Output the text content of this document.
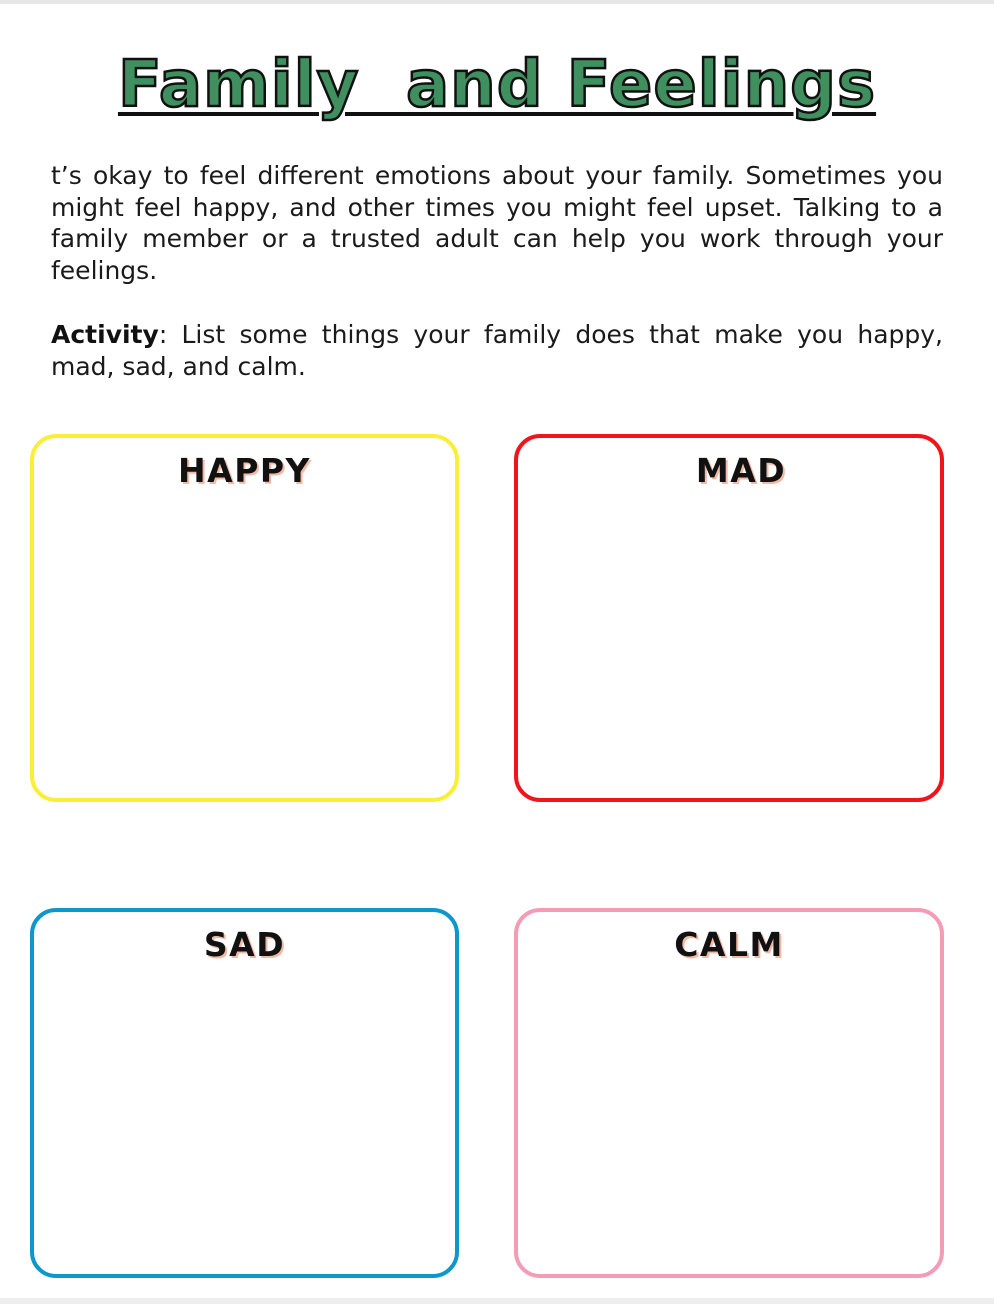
Family  and Feelings

t’s okay to feel different emotions about your family. Sometimes you might feel happy, and other times you might feel upset. Talking to a family member or a trusted adult can help you work through your feelings.

Activity: List some things your family does that make you happy, mad, sad, and calm.

HAPPY	MAD
SAD	CALM
